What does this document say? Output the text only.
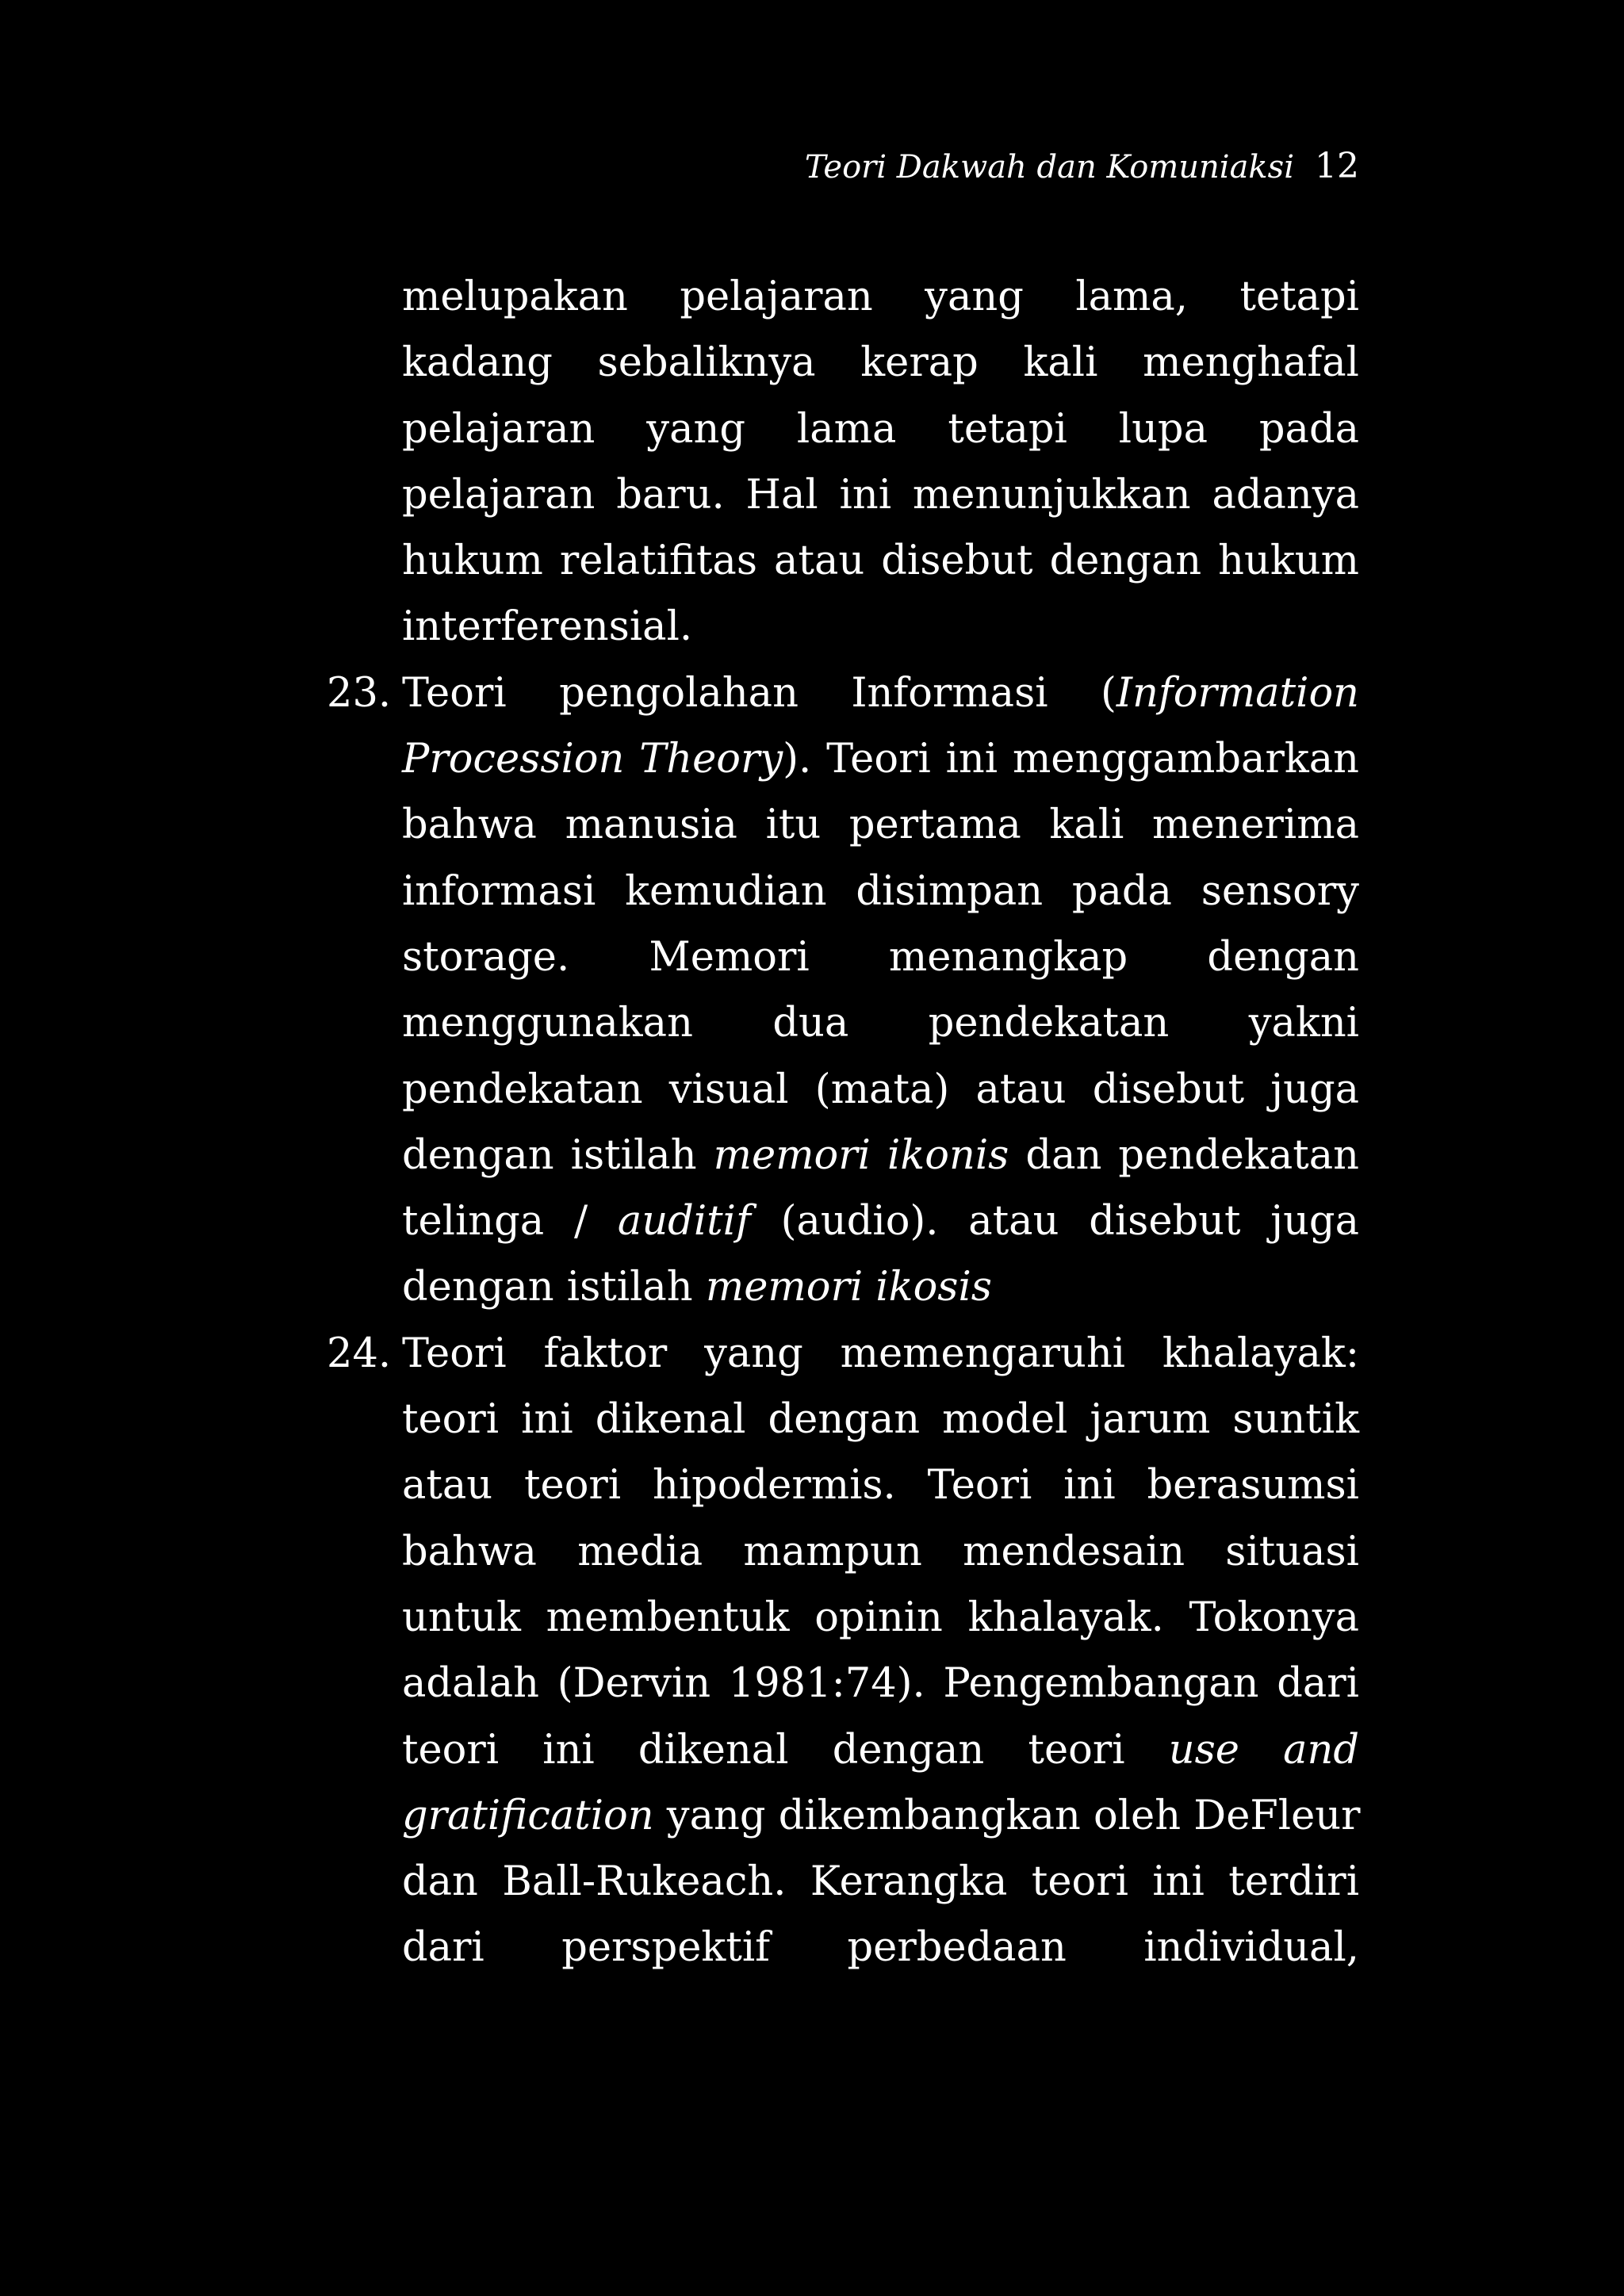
Teori Dakwah dan Komuniaksi 12
melupakan pelajaran yang lama, tetapi
kadang sebaliknya kerap kali menghafal
pelajaran yang lama tetapi lupa pada
pelajaran baru. Hal ini menunjukkan adanya
hukum relatifitas atau disebut dengan hukum
interferensial.
23. Teori pengolahan Informasi (Information
Procession Theory). Teori ini menggambarkan
bahwa manusia itu pertama kali menerima
informasi kemudian disimpan pada sensory
storage. Memori menangkap dengan
menggunakan dua pendekatan yakni
pendekatan visual (mata) atau disebut juga
dengan istilah memori ikonis dan pendekatan
telinga / auditif (audio). atau disebut juga
dengan istilah memori ikosis
24. Teori faktor yang memengaruhi khalayak:
teori ini dikenal dengan model jarum suntik
atau teori hipodermis. Teori ini berasumsi
bahwa media mampun mendesain situasi
untuk membentuk opinin khalayak. Tokonya
adalah (Dervin 1981:74). Pengembangan dari
teori ini dikenal dengan teori use and
gratification yang dikembangkan oleh DeFleur
dan Ball-Rukeach. Kerangka teori ini terdiri
dari perspektif perbedaan individual,
